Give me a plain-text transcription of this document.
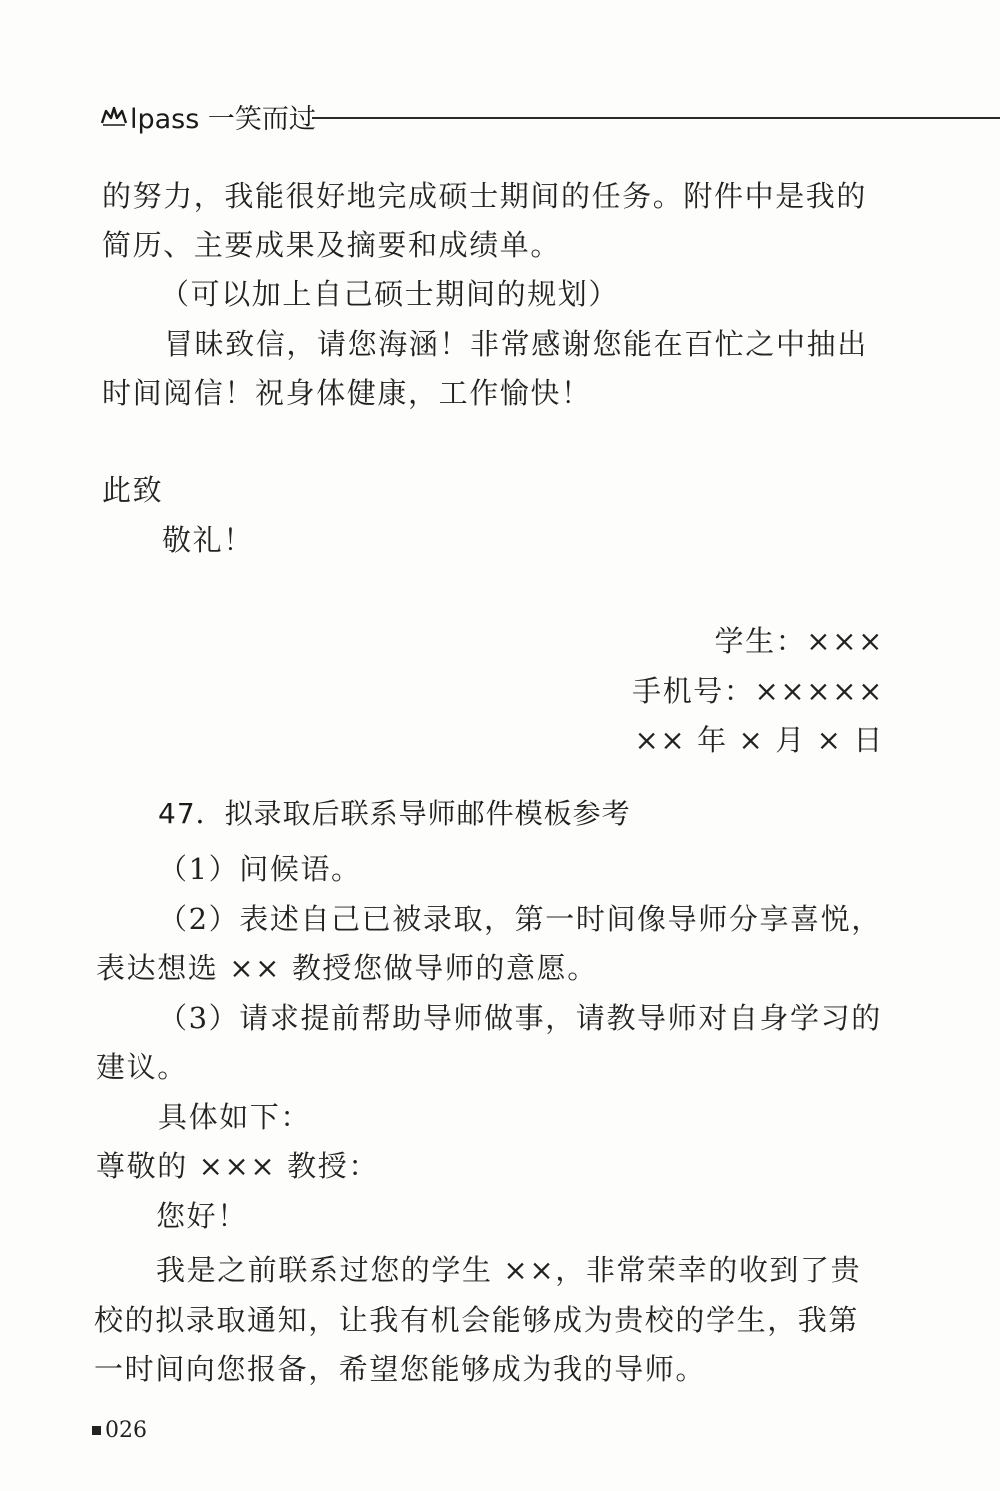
lpass 一笑而过
的努力，我能很好地完成硕士期间的任务。附件中是我的
简历、主要成果及摘要和成绩单。
（可以加上自己硕士期间的规划）
冒昧致信，请您海涵！非常感谢您能在百忙之中抽出
时间阅信！祝身体健康，工作愉快！
此致
敬礼！
学生：×××
手机号：×××××
×× 年 × 月 × 日
47．拟录取后联系导师邮件模板参考
（1）问候语。
（2）表述自己已被录取，第一时间像导师分享喜悦，
表达想选 ×× 教授您做导师的意愿。
（3）请求提前帮助导师做事，请教导师对自身学习的
建议。
具体如下：
尊敬的 ××× 教授：
您好！
我是之前联系过您的学生 ××，非常荣幸的收到了贵
校的拟录取通知，让我有机会能够成为贵校的学生，我第
一时间向您报备，希望您能够成为我的导师。
026
